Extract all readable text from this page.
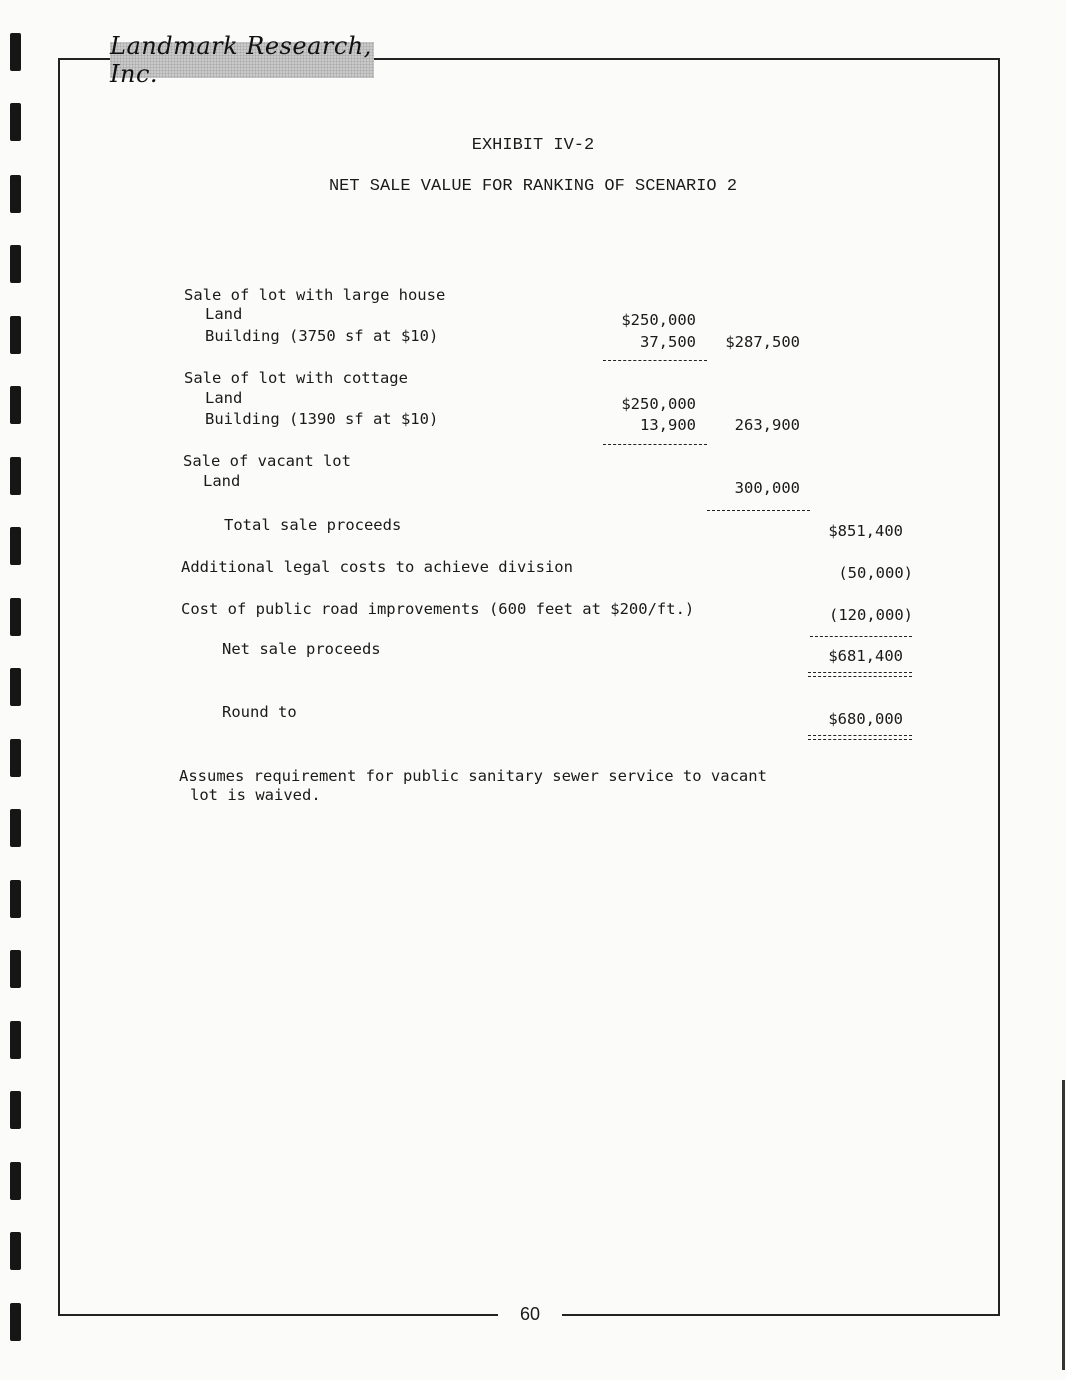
Landmark Research, Inc.
EXHIBIT IV-2
NET SALE VALUE FOR RANKING OF SCENARIO 2
Sale of lot with large house
Land	$250,000
Building (3750 sf at $10)	37,500 $287,500
Sale of lot with cottage
Land	$250,000
Building (1390 sf at $10)	13,900 263,900
Sale of vacant lot
Land	300,000
Total sale proceeds	$851,400
Additional legal costs to achieve division	(50,000)
Cost of public road improvements (600 feet at $200/ft.)	(120,000)
Net sale proceeds	$681,400
Round to	$680,000
Assumes requirement for public sanitary sewer service to vacant
lot is waived.
60
